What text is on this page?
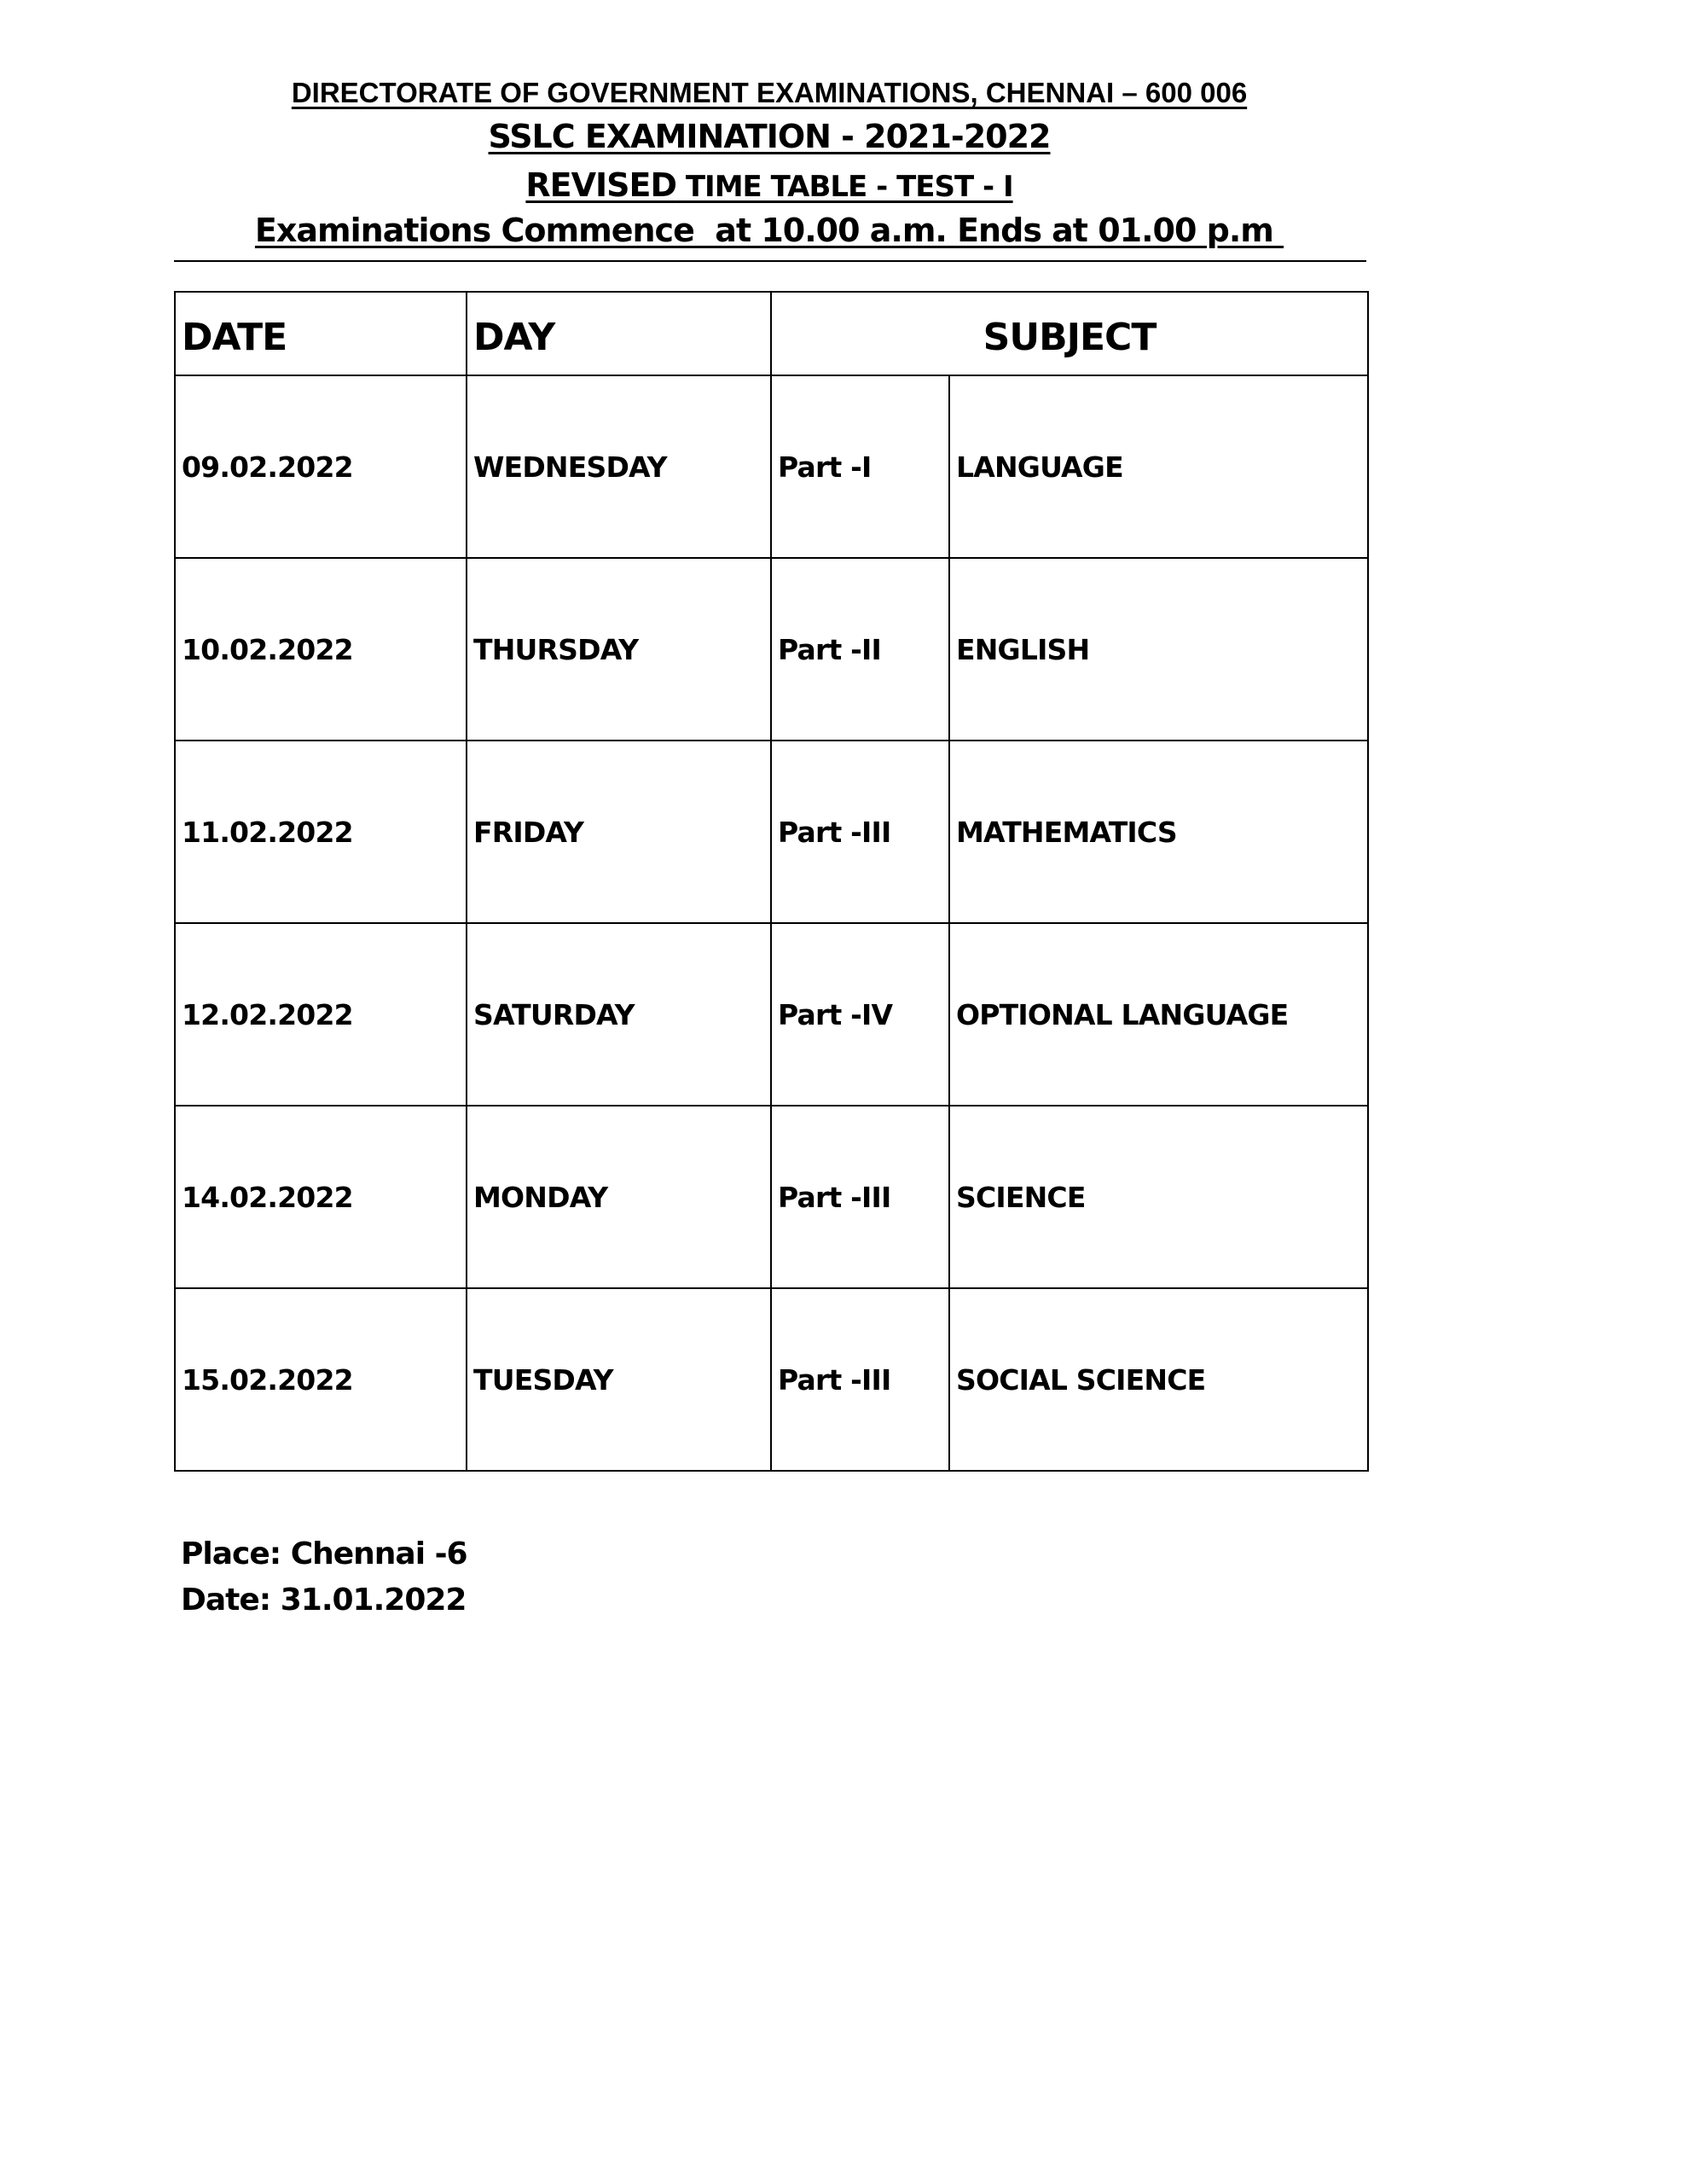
DIRECTORATE OF GOVERNMENT EXAMINATIONS, CHENNAI – 600 006
SSLC EXAMINATION - 2021-2022
REVISED TIME TABLE - TEST - I
Examinations Commence  at 10.00 a.m. Ends at 01.00 p.m
DATE	DAY	SUBJECT	
09.02.2022	WEDNESDAY	Part -I	LANGUAGE
10.02.2022	THURSDAY	Part -II	ENGLISH
11.02.2022	FRIDAY	Part -III	MATHEMATICS
12.02.2022	SATURDAY	Part -IV	OPTIONAL LANGUAGE
14.02.2022	MONDAY	Part -III	SCIENCE
15.02.2022	TUESDAY	Part -III	SOCIAL SCIENCE
Place: Chennai -6
Date: 31.01.2022
